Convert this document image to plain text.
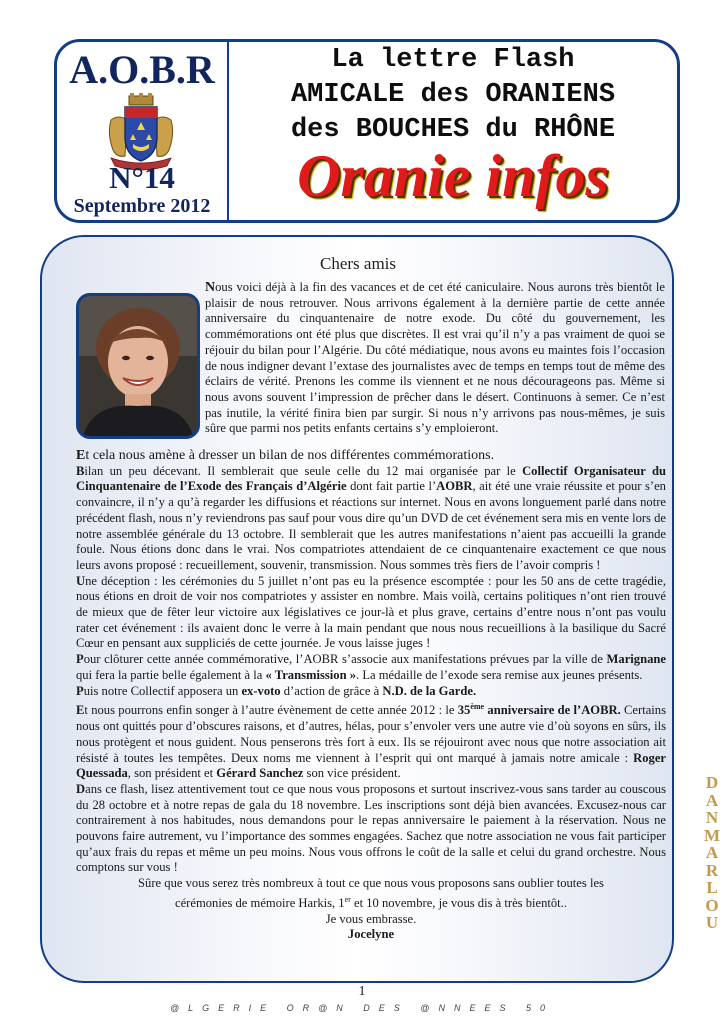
A.O.B.R
N°14
Septembre 2012
La lettre Flash
AMICALE des ORANIENS
des BOUCHES du RHÔNE
Oranie infos
Chers amis

Nous voici déjà à la fin des vacances et de cet été caniculaire. Nous aurons très bientôt le plaisir de nous retrouver. Nous arrivons également à la dernière partie de cette année anniversaire du cinquantenaire de notre exode. Du côté du gouvernement, les commémorations ont été plus que discrètes. Il est vrai qu’il n’y a pas vraiment de quoi se réjouir du bilan pour l’Algérie. Du côté médiatique, nous avons eu maintes fois l’occasion de nous indigner devant l’extase des journalistes avec de temps en temps tout de même des éclairs de vérité. Prenons les comme ils viennent et ne nous décourageons pas. Même si nous avons souvent l’impression de prêcher dans le désert. Continuons à semer. Ce n’est pas inutile, la vérité finira bien par surgir. Si nous n’y arrivons pas nous-mêmes, je suis sûre que parmi nos petits enfants certains s’y emploieront.

Et cela nous amène à dresser un bilan de nos différentes commémorations.

Bilan un peu décevant. Il semblerait que seule celle du 12 mai organisée par le Collectif Organisateur du Cinquantenaire de l’Exode des Français d’Algérie dont fait partie l’AOBR, ait été une vraie réussite et pour s’en convaincre, il n’y a qu’à regarder les diffusions et réactions sur internet. Nous en avons longuement parlé dans notre précédent flash, nous n’y reviendrons pas sauf pour vous dire qu’un DVD de cet événement sera mis en vente lors de notre assemblée générale du 13 octobre. Il semblerait que les autres manifestations n’aient pas accueilli la grande foule. Nous étions donc dans le vrai. Nos compatriotes attendaient de ce cinquantenaire exactement ce que nous leurs avons proposé : recueillement, souvenir, transmission. Nous sommes très fiers de l’avoir compris !

Une déception : les cérémonies du 5 juillet n’ont pas eu la présence escomptée : pour les 50 ans de cette tragédie, nous étions en droit de voir nos compatriotes y assister en nombre. Mais voilà, certains politiques n’ont rien trouvé de mieux que de fêter leur victoire aux législatives ce jour-là et plus grave, certains d’entre nous n’ont pas voulu rater cet événement : ils avaient donc le verre à la main pendant que nous nous recueillions à la basilique du Sacré Cœur en pensant aux suppliciés de cette journée. Je vous laisse juges !

Pour clôturer cette année commémorative, l’AOBR s’associe aux manifestations prévues par la ville de Marignane qui fera la partie belle également à la « Transmission ». La médaille de l’exode sera remise aux jeunes présents.

Puis notre Collectif apposera un ex-voto d’action de grâce à N.D. de la Garde.

Et nous pourrons enfin songer à l’autre évènement de cette année 2012 : le 35ème anniversaire de l’AOBR. Certains nous ont quittés pour d’obscures raisons, et d’autres, hélas, pour s’envoler vers une autre vie d’où soyons en sûrs, ils nous protègent et nous guident. Nous penserons très fort à eux. Ils se réjouiront avec nous que notre association ait résisté à toutes les tempêtes. Deux noms me viennent à l’esprit qui ont marqué à jamais notre amicale : Roger Quessada, son président et Gérard Sanchez son vice président.

Dans ce flash, lisez attentivement tout ce que nous vous proposons et surtout inscrivez-vous sans tarder au couscous du 28 octobre et à notre repas de gala du 18 novembre. Les inscriptions sont déjà bien avancées. Excusez-nous car contrairement à nos habitudes, nous demandons pour le repas anniversaire le paiement à la réservation. Nous ne pouvons faire autrement, vu l’importance des sommes engagées. Sachez que notre association ne vous fait participer qu’aux frais du repas et même un peu moins. Nous vous offrons le coût de la salle et celui du grand orchestre. Nous comptons sur vous !

Sûre que vous serez très nombreux à tout ce que nous vous proposons sans oublier toutes les

cérémonies de mémoire Harkis, 1er et 10 novembre, je vous dis à très bientôt..

Je vous embrasse.

Jocelyne

1
@LGERIE OR@N DES @NNEES 50
D
A
N
M
A
R
L
O
U
